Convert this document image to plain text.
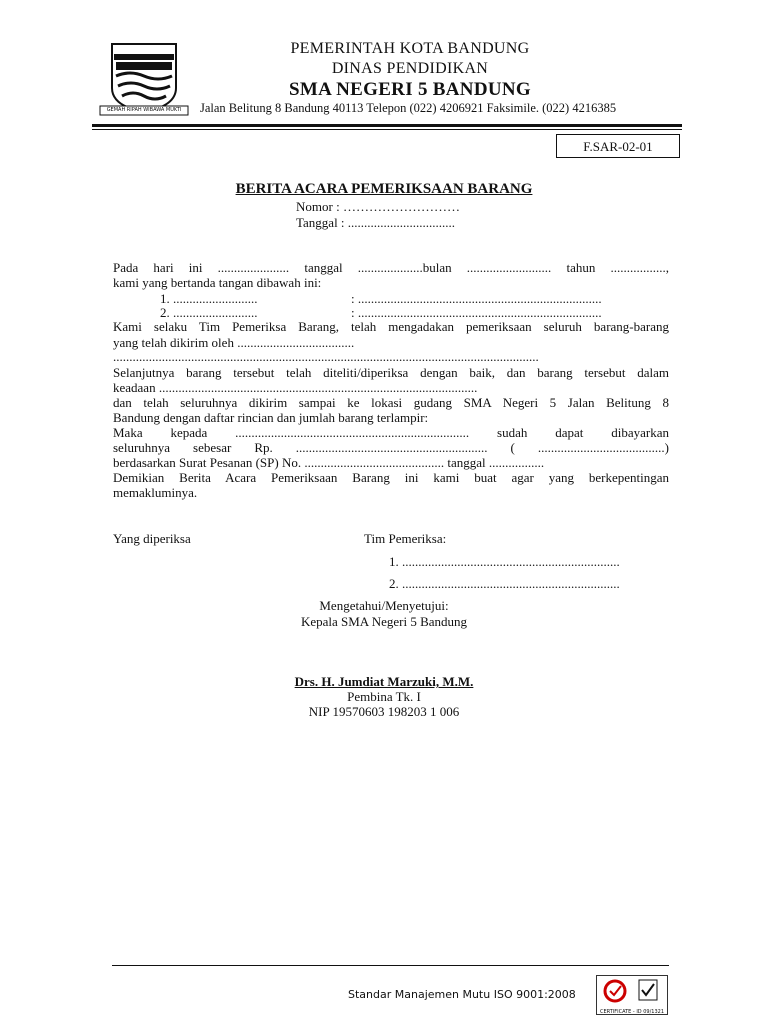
GEMAH RIPAH WIBAWA MUKTI
PEMERINTAH KOTA BANDUNG
DINAS PENDIDIKAN
SMA NEGERI 5 BANDUNG
Jalan Belitung 8 Bandung 40113 Telepon (022) 4206921 Faksimile. (022) 4216385
F.SAR-02-01
BERITA ACARA PEMERIKSAAN BARANG
Nomor : ………………………
Tanggal : .................................
Pada hari ini ...................... tanggal ....................bulan .......................... tahun .................,
kami yang bertanda tangan dibawah ini:
1. ..........................	: ...........................................................................
2. ..........................	: ...........................................................................
Kami selaku Tim Pemeriksa Barang, telah mengadakan pemeriksaan seluruh barang-barang
yang telah dikirim oleh ....................................
...................................................................................................................................
Selanjutnya barang tersebut telah diteliti/diperiksa dengan baik, dan barang tersebut dalam
keadaan ..................................................................................................
dan telah seluruhnya dikirim sampai ke lokasi gudang SMA Negeri 5 Jalan Belitung 8
Bandung dengan daftar rincian dan jumlah barang terlampir:
Maka kepada ........................................................................ sudah dapat dibayarkan
seluruhnya sebesar Rp. ........................................................... ( .......................................)
berdasarkan Surat Pesanan (SP) No. ........................................... tanggal .................
Demikian Berita Acara Pemeriksaan Barang ini kami buat agar yang berkepentingan
memakluminya.
Yang diperiksa	Tim Pemeriksa:
1. ...................................................................
2. ...................................................................
Mengetahui/Menyetujui:
Kepala SMA Negeri 5 Bandung
Drs. H. Jumdiat Marzuki, M.M.
Pembina Tk. I
NIP 19570603 198203 1 006
Standar Manajemen Mutu ISO 9001:2008
CERTIFICATE - ID 09/1321
